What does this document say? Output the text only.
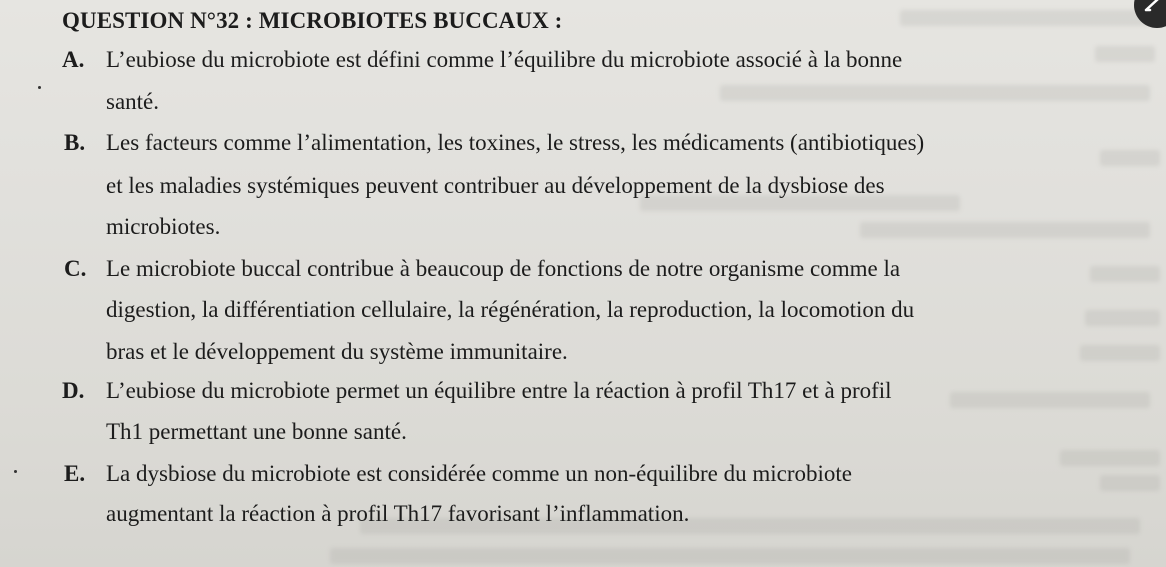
QUESTION N°32 : MICROBIOTES BUCCAUX :
A. L’eubiose du microbiote est défini comme l’équilibre du microbiote associé à la bonne
santé.
B. Les facteurs comme l’alimentation, les toxines, le stress, les médicaments (antibiotiques)
et les maladies systémiques peuvent contribuer au développement de la dysbiose des
microbiotes.
C. Le microbiote buccal contribue à beaucoup de fonctions de notre organisme comme la
digestion, la différentiation cellulaire, la régénération, la reproduction, la locomotion du
bras et le développement du système immunitaire.
D. L’eubiose du microbiote permet un équilibre entre la réaction à profil Th17 et à profil
Th1 permettant une bonne santé.
E. La dysbiose du microbiote est considérée comme un non-équilibre du microbiote
augmentant la réaction à profil Th17 favorisant l’inflammation.
